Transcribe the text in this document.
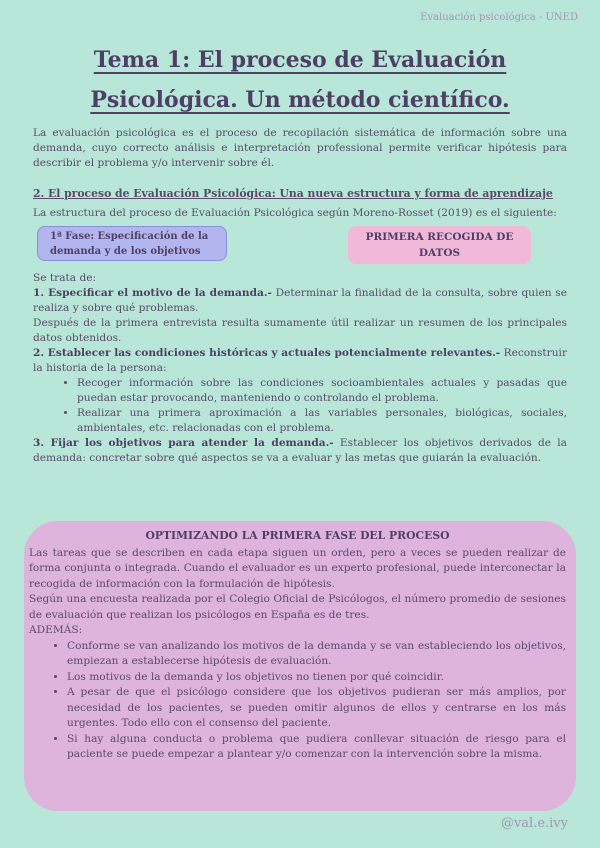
Evaluación psicológica - UNED
Tema 1: El proceso de Evaluación
Psicológica. Un método científico.
La evaluación psicológica es el proceso de recopilación sistemática de información sobre una demanda, cuyo correcto análisis e interpretación professional permite verificar hipótesis para describir el problema y/o intervenir sobre él.
2. El proceso de Evaluación Psicológica: Una nueva estructura y forma de aprendizaje
La estructura del proceso de Evaluación Psicológica según Moreno-Rosset (2019) es el siguiente:
1ª Fase: Especificación de la
demanda y de los objetivos
PRIMERA RECOGIDA DE
DATOS

Se trata de:

1. Especificar el motivo de la demanda.- Determinar la finalidad de la consulta, sobre quien se realiza y sobre qué problemas.

Después de la primera entrevista resulta sumamente útil realizar un resumen de los principales datos obtenidos.

2. Establecer las condiciones históricas y actuales potencialmente relevantes.- Reconstruir la historia de la persona:

• Recoger información sobre las condiciones socioambientales actuales y pasadas que puedan estar provocando, manteniendo o controlando el problema.
• Realizar una primera aproximación a las variables personales, biológicas, sociales, ambientales, etc. relacionadas con el problema.

3. Fijar los objetivos para atender la demanda.- Establecer los objetivos derivados de la demanda: concretar sobre qué aspectos se va a evaluar y las metas que guiarán la evaluación.

OPTIMIZANDO LA PRIMERA FASE DEL PROCESO

Las tareas que se describen en cada etapa siguen un orden, pero a veces se pueden realizar de forma conjunta o integrada. Cuando el evaluador es un experto profesional, puede interconectar la recogida de información con la formulación de hipótesis.

Según una encuesta realizada por el Colegio Oficial de Psicólogos, el número promedio de sesiones de evaluación que realizan los psicólogos en España es de tres.

ADEMÁS:

• Conforme se van analizando los motivos de la demanda y se van estableciendo los objetivos, empiezan a establecerse hipótesis de evaluación.
• Los motivos de la demanda y los objetivos no tienen por qué coincidir.
• A pesar de que el psicólogo considere que los objetivos pudieran ser más amplios, por necesidad de los pacientes, se pueden omitir algunos de ellos y centrarse en los más urgentes. Todo ello con el consenso del paciente.
• Si hay alguna conducta o problema que pudiera conllevar situación de riesgo para el paciente se puede empezar a plantear y/o comenzar con la intervención sobre la misma.
@val.e.ivy
